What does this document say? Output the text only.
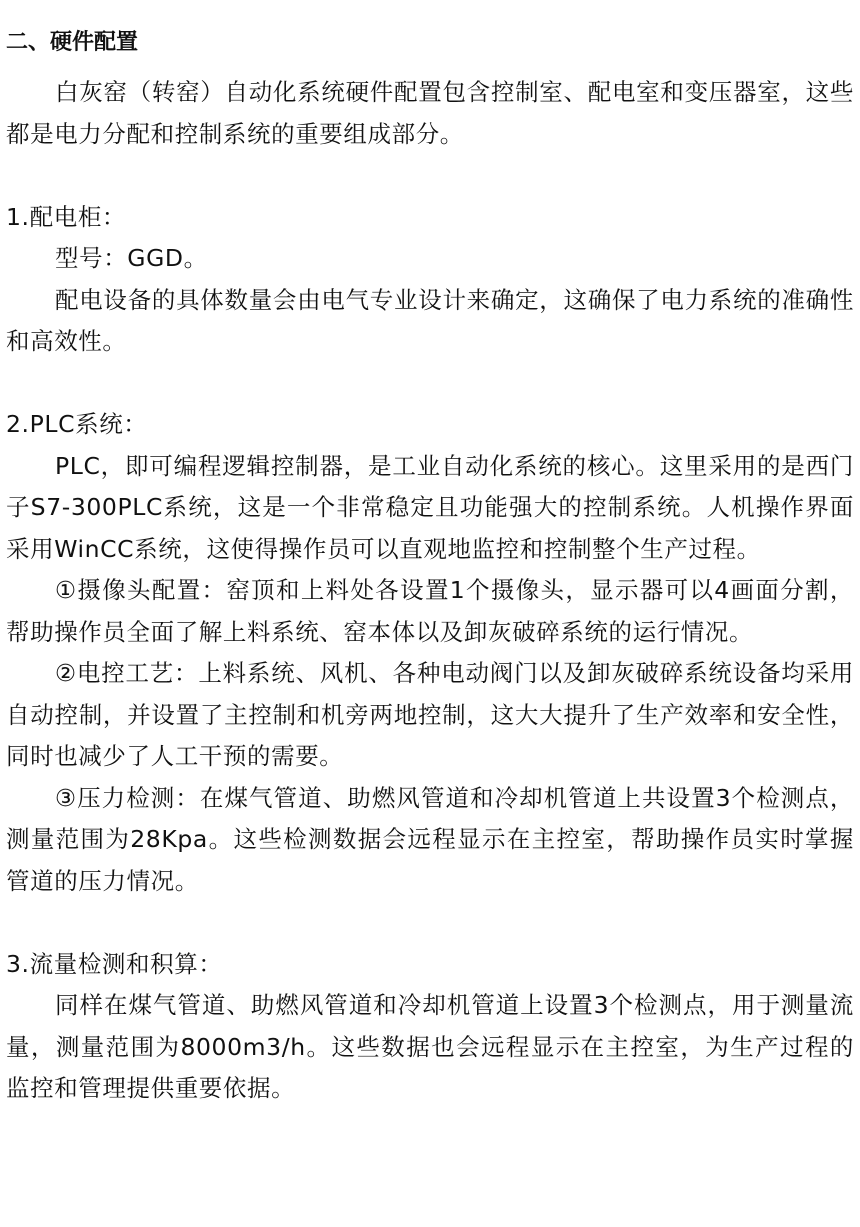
二、硬件配置

白灰窑（转窑）自动化系统硬件配置包含控制室、配电室和变压器室，这些都是电力分配和控制系统的重要组成部分。

1.配电柜：

型号：GGD。

配电设备的具体数量会由电气专业设计来确定，这确保了电力系统的准确性和高效性。

2.PLC系统：

PLC，即可编程逻辑控制器，是工业自动化系统的核心。这里采用的是西门子S7-300PLC系统，这是一个非常稳定且功能强大的控制系统。人机操作界面采用WinCC系统，这使得操作员可以直观地监控和控制整个生产过程。

①摄像头配置：窑顶和上料处各设置1个摄像头，显示器可以4画面分割，帮助操作员全面了解上料系统、窑本体以及卸灰破碎系统的运行情况。

②电控工艺：上料系统、风机、各种电动阀门以及卸灰破碎系统设备均采用自动控制，并设置了主控制和机旁两地控制，这大大提升了生产效率和安全性，同时也减少了人工干预的需要。

③压力检测：在煤气管道、助燃风管道和冷却机管道上共设置3个检测点，测量范围为28Kpa。这些检测数据会远程显示在主控室，帮助操作员实时掌握管道的压力情况。

3.流量检测和积算：

同样在煤气管道、助燃风管道和冷却机管道上设置3个检测点，用于测量流量，测量范围为8000m3/h。这些数据也会远程显示在主控室，为生产过程的监控和管理提供重要依据。
